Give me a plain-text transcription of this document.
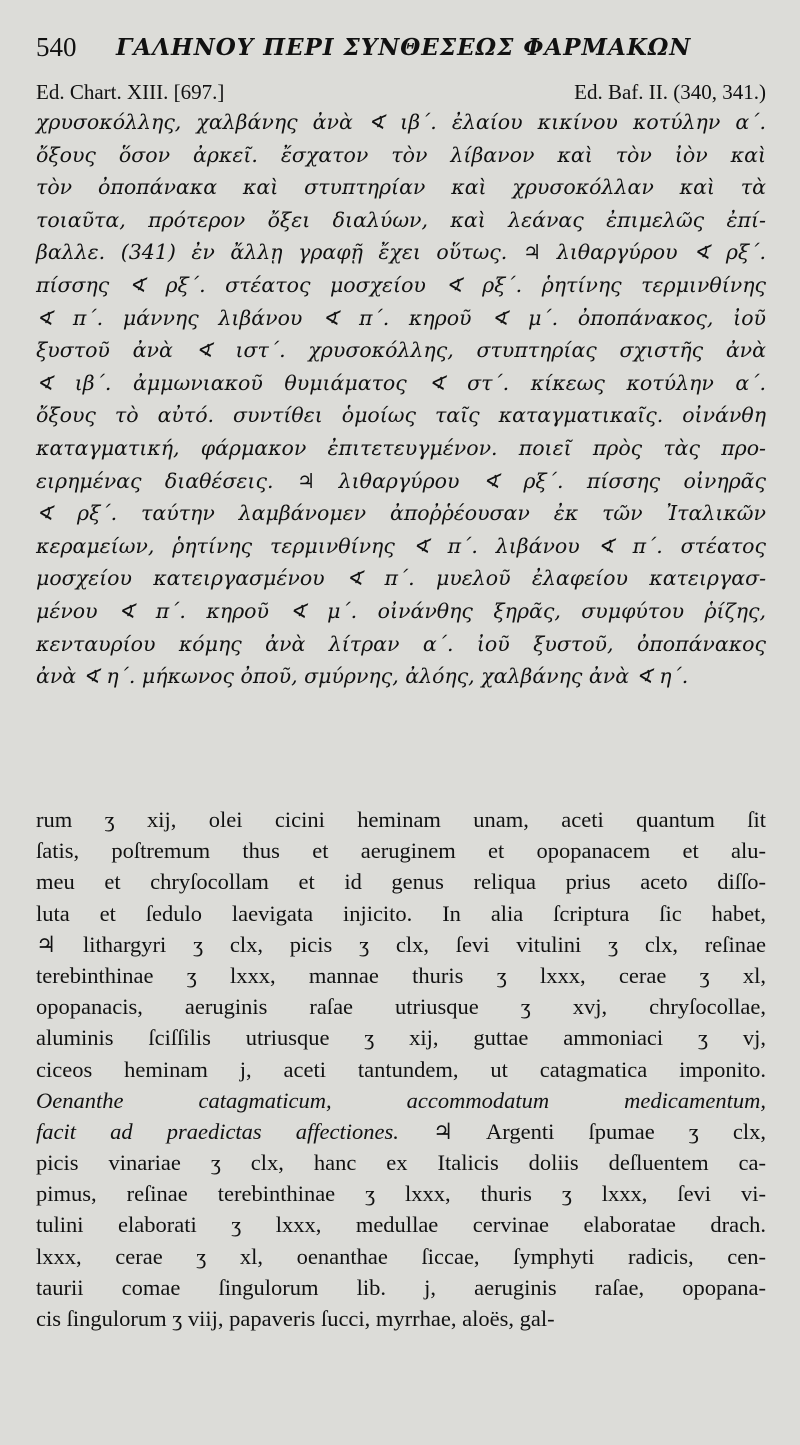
540 ΓΑΛΗΝΟΥ ΠΕΡΙ ΣΥΝΘΕΣΕΩΣ ΦΑΡΜΑΚΩΝ
Ed. Chart. XIII. [697.]	Ed. Baf. II. (340, 341.)
χρυσοκόλλης, χαλβάνης ἀνὰ ∢ ιβ΄. ἐλαίου κικίνου κοτύλην α΄.
ὄξους ὅσον ἀρκεῖ. ἔσχατον τὸν λίβανον καὶ τὸν ἰὸν καὶ
τὸν ὀποπάνακα καὶ στυπτηρίαν καὶ χρυσοκόλλαν καὶ τὰ
τοιαῦτα, πρότερον ὄξει διαλύων, καὶ λεάνας ἐπιμελῶς ἐπί-
βαλλε. (341) ἐν ἄλλῃ γραφῇ ἔχει οὕτως. ♃ λιθαργύρου ∢ ρξ΄.
πίσσης ∢ ρξ΄. στέατος μοσχείου ∢ ρξ΄. ῥητίνης τερμινθίνης
∢ π΄. μάννης λιβάνου ∢ π΄. κηροῦ ∢ μ΄. ὀποπάνακος, ἰοῦ
ξυστοῦ ἀνὰ ∢ ιστ΄. χρυσοκόλλης, στυπτηρίας σχιστῆς ἀνὰ
∢ ιβ΄. ἀμμωνιακοῦ θυμιάματος ∢ στ΄. κίκεως κοτύλην α΄.
ὄξους τὸ αὐτό. συντίθει ὁμοίως ταῖς καταγματικαῖς. οἰνάνθη
καταγματική, φάρμακον ἐπιτετευγμένον. ποιεῖ πρὸς τὰς προ-
ειρημένας διαθέσεις. ♃ λιθαργύρου ∢ ρξ΄. πίσσης οἰνηρᾶς
∢ ρξ΄. ταύτην λαμβάνομεν ἀποῤῥέουσαν ἐκ τῶν Ἰταλικῶν
κεραμείων, ῥητίνης τερμινθίνης ∢ π΄. λιβάνου ∢ π΄. στέατος
μοσχείου κατειργασμένου ∢ π΄. μυελοῦ ἐλαφείου κατειργασ-
μένου ∢ π΄. κηροῦ ∢ μ΄. οἰνάνθης ξηρᾶς, συμφύτου ῥίζης,
κενταυρίου κόμης ἀνὰ λίτραν α΄. ἰοῦ ξυστοῦ, ὀποπάνακος
ἀνὰ ∢ η΄. μήκωνος ὀποῦ, σμύρνης, ἀλόης, χαλβάνης ἀνὰ ∢ η΄.
rum ʒ xij, olei cicini heminam unam, aceti quantum ſit
ſatis, poſtremum thus et aeruginem et opopanacem et alu-
meu et chryſocollam et id genus reliqua prius aceto diſſo-
luta et ſedulo laevigata injicito. In alia ſcriptura ſic habet,
♃ lithargyri ʒ clx, picis ʒ clx, ſevi vitulini ʒ clx, reſinae
terebinthinae ʒ lxxx, mannae thuris ʒ lxxx, cerae ʒ xl,
opopanacis, aeruginis raſae utriusque ʒ xvj, chryſocollae,
aluminis ſciſſilis utriusque ʒ xij, guttae ammoniaci ʒ vj,
ciceos heminam j, aceti tantundem, ut catagmatica imponito.
Oenanthe catagmaticum, accommodatum medicamentum,
facit ad praedictas affectiones. ♃ Argenti ſpumae ʒ clx,
picis vinariae ʒ clx, hanc ex Italicis doliis deſluentem ca-
pimus, reſinae terebinthinae ʒ lxxx, thuris ʒ lxxx, ſevi vi-
tulini elaborati ʒ lxxx, medullae cervinae elaboratae drach.
lxxx, cerae ʒ xl, oenanthae ſiccae, ſymphyti radicis, cen-
taurii comae ſingulorum lib. j, aeruginis raſae, opopana-
cis ſingulorum ʒ viij, papaveris ſucci, myrrhae, aloës, gal-
